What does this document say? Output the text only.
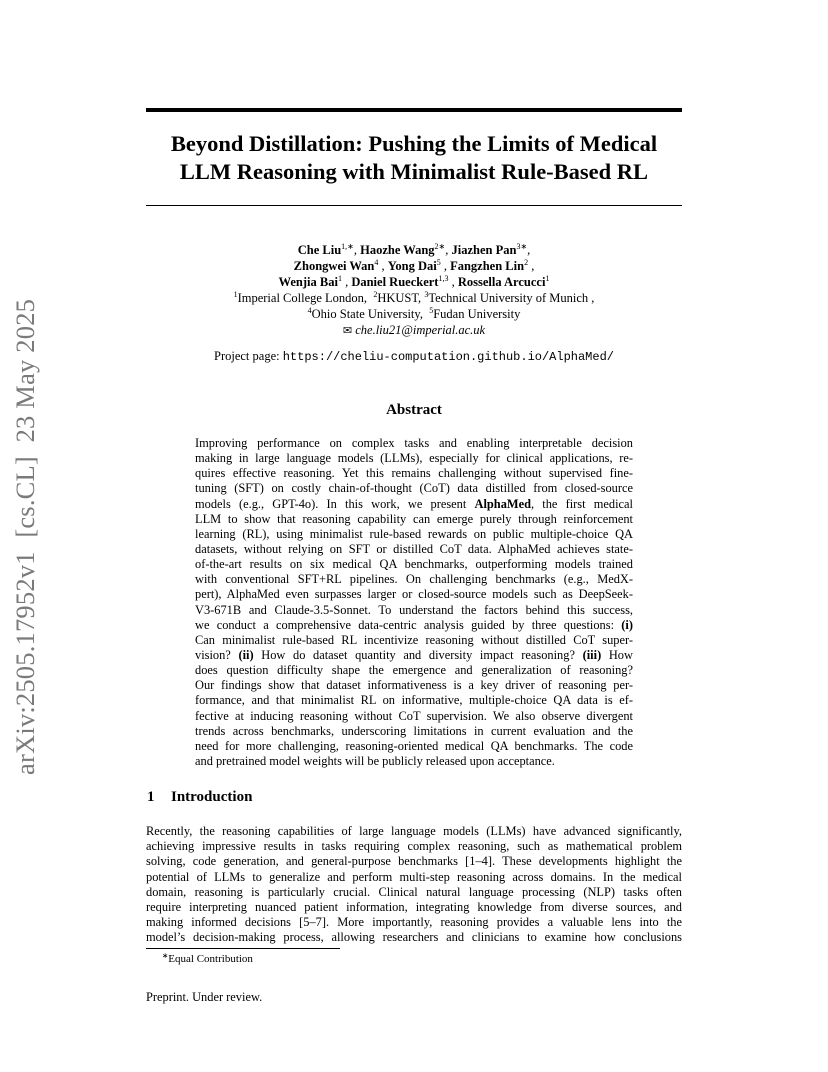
arXiv:2505.17952v1  [cs.CL]  23 May 2025
Beyond Distillation: Pushing the Limits of Medical
LLM Reasoning with Minimalist Rule-Based RL
Che Liu$^{1,∗}$, Haozhe Wang$^{2∗}$, Jiazhen Pan$^{3∗}$,
Zhongwei Wan$^4$ , Yong Dai$^5$ , Fangzhen Lin$^2$ ,
Wenjia Bai$^1$ , Daniel Rueckert$^{1,3}$ , Rossella Arcucci$^1$
$^1$Imperial College London, $^2$HKUST, $^3$Technical University of Munich ,
$^4$Ohio State University, $^5$Fudan University
✉ che.liu21@imperial.ac.uk
Project page: https://cheliu-computation.github.io/AlphaMed/
Abstract
Improving performance on complex tasks and enabling interpretable decision
making in large language models (LLMs), especially for clinical applications, re-
quires effective reasoning. Yet this remains challenging without supervised fine-
tuning (SFT) on costly chain-of-thought (CoT) data distilled from closed-source
models (e.g., GPT-4o). In this work, we present AlphaMed, the first medical
LLM to show that reasoning capability can emerge purely through reinforcement
learning (RL), using minimalist rule-based rewards on public multiple-choice QA
datasets, without relying on SFT or distilled CoT data. AlphaMed achieves state-
of-the-art results on six medical QA benchmarks, outperforming models trained
with conventional SFT+RL pipelines. On challenging benchmarks (e.g., MedX-
pert), AlphaMed even surpasses larger or closed-source models such as DeepSeek-
V3-671B and Claude-3.5-Sonnet. To understand the factors behind this success,
we conduct a comprehensive data-centric analysis guided by three questions: (i)
Can minimalist rule-based RL incentivize reasoning without distilled CoT super-
vision? (ii) How do dataset quantity and diversity impact reasoning? (iii) How
does question difficulty shape the emergence and generalization of reasoning?
Our findings show that dataset informativeness is a key driver of reasoning per-
formance, and that minimalist RL on informative, multiple-choice QA data is ef-
fective at inducing reasoning without CoT supervision. We also observe divergent
trends across benchmarks, underscoring limitations in current evaluation and the
need for more challenging, reasoning-oriented medical QA benchmarks. The code
and pretrained model weights will be publicly released upon acceptance.
1 Introduction
Recently, the reasoning capabilities of large language models (LLMs) have advanced significantly,
achieving impressive results in tasks requiring complex reasoning, such as mathematical problem
solving, code generation, and general-purpose benchmarks [1–4]. These developments highlight the
potential of LLMs to generalize and perform multi-step reasoning across domains. In the medical
domain, reasoning is particularly crucial. Clinical natural language processing (NLP) tasks often
require interpreting nuanced patient information, integrating knowledge from diverse sources, and
making informed decisions [5–7]. More importantly, reasoning provides a valuable lens into the
model’s decision-making process, allowing researchers and clinicians to examine how conclusions
∗Equal Contribution
Preprint. Under review.
